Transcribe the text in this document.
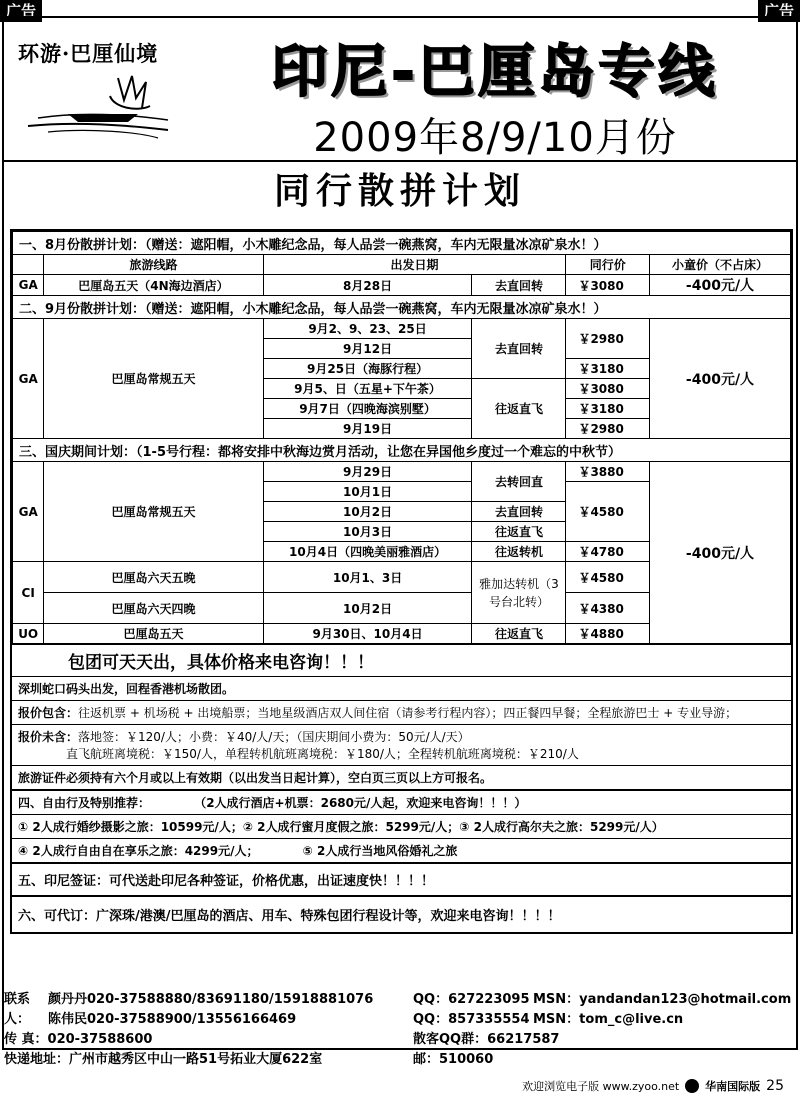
广告	广告
环游·巴厘仙境	印尼-巴厘岛专线
2009年8/9/10月份
同行散拼计划
一、8月份散拼计划：（赠送：遮阳帽，小木雕纪念品，每人品尝一碗燕窝，车内无限量冰凉矿泉水！）					
	旅游线路	出发日期		同行价	小童价（不占床）
GA	巴厘岛五天（4N海边酒店）	8月28日	去直回转	￥3080	-400元/人
二、9月份散拼计划：（赠送：遮阳帽，小木雕纪念品，每人品尝一碗燕窝，车内无限量冰凉矿泉水！）					
GA	巴厘岛常规五天	9月2、9、23、25日	去直回转	￥2980	-400元/人
		9月12日			
		9月25日（海豚行程）		￥3180	
		9月5、日（五星+下午茶）	往返直飞	￥3080	
		9月7日（四晚海滨别墅）		￥3180	
		9月19日		￥2980	
三、国庆期间计划：（1-5号行程：都将安排中秋海边赏月活动，让您在异国他乡度过一个难忘的中秋节）					
GA	巴厘岛常规五天	9月29日	去转回直	￥3880	-400元/人
		10月1日		￥4580	
		10月2日	去直回转		
		10月3日	往返直飞		
		10月4日（四晚美丽雅酒店）	往返转机	￥4780	
CI	巴厘岛六天五晚	10月1、3日	雅加达转机（3号台北转）	￥4580	
	巴厘岛六天四晚	10月2日		￥4380	
UO	巴厘岛五天	9月30日、10月4日	往返直飞	￥4880	
包团可天天出，具体价格来电咨询！！！
深圳蛇口码头出发，回程香港机场散团。
报价包含：往返机票 + 机场税 + 出境船票；当地星级酒店双人间住宿（请参考行程内容）；四正餐四早餐；全程旅游巴士 + 专业导游；
报价未含：落地签：￥120/人；小费：￥40/人/天；（国庆期间小费为：50元/人/天）
直飞航班离境税：￥150/人，单程转机航班离境税：￥180/人；全程转机航班离境税：￥210/人
旅游证件必须持有六个月或以上有效期（以出发当日起计算），空白页三页以上方可报名。
四、自由行及特别推荐：	（2人成行酒店+机票：2680元/人起，欢迎来电咨询！！！）
① 2人成行婚纱摄影之旅：10599元/人；② 2人成行蜜月度假之旅：5299元/人；③ 2人成行高尔夫之旅：5299元/人）
④ 2人成行自由自在享乐之旅：4299元/人；	⑤ 2人成行当地风俗婚礼之旅
五、印尼签证：可代送赴印尼各种签证，价格优惠，出证速度快！！！！
六、可代订：广深珠/港澳/巴厘岛的酒店、用车、特殊包团行程设计等，欢迎来电咨询！！！！
联系人：
颜丹丹020-37588880/83691180/15918881076	QQ：627223095 MSN：yandandan123@hotmail.com
陈伟民020-37588900/13556166469	QQ：857335554 MSN：tom_c@live.cn
传 真：020-37588600	散客QQ群：66217587
快递地址：广州市越秀区中山一路51号拓业大厦622室	邮：510060
欢迎浏览电子版 www.zyoo.net 华南国际版 25
